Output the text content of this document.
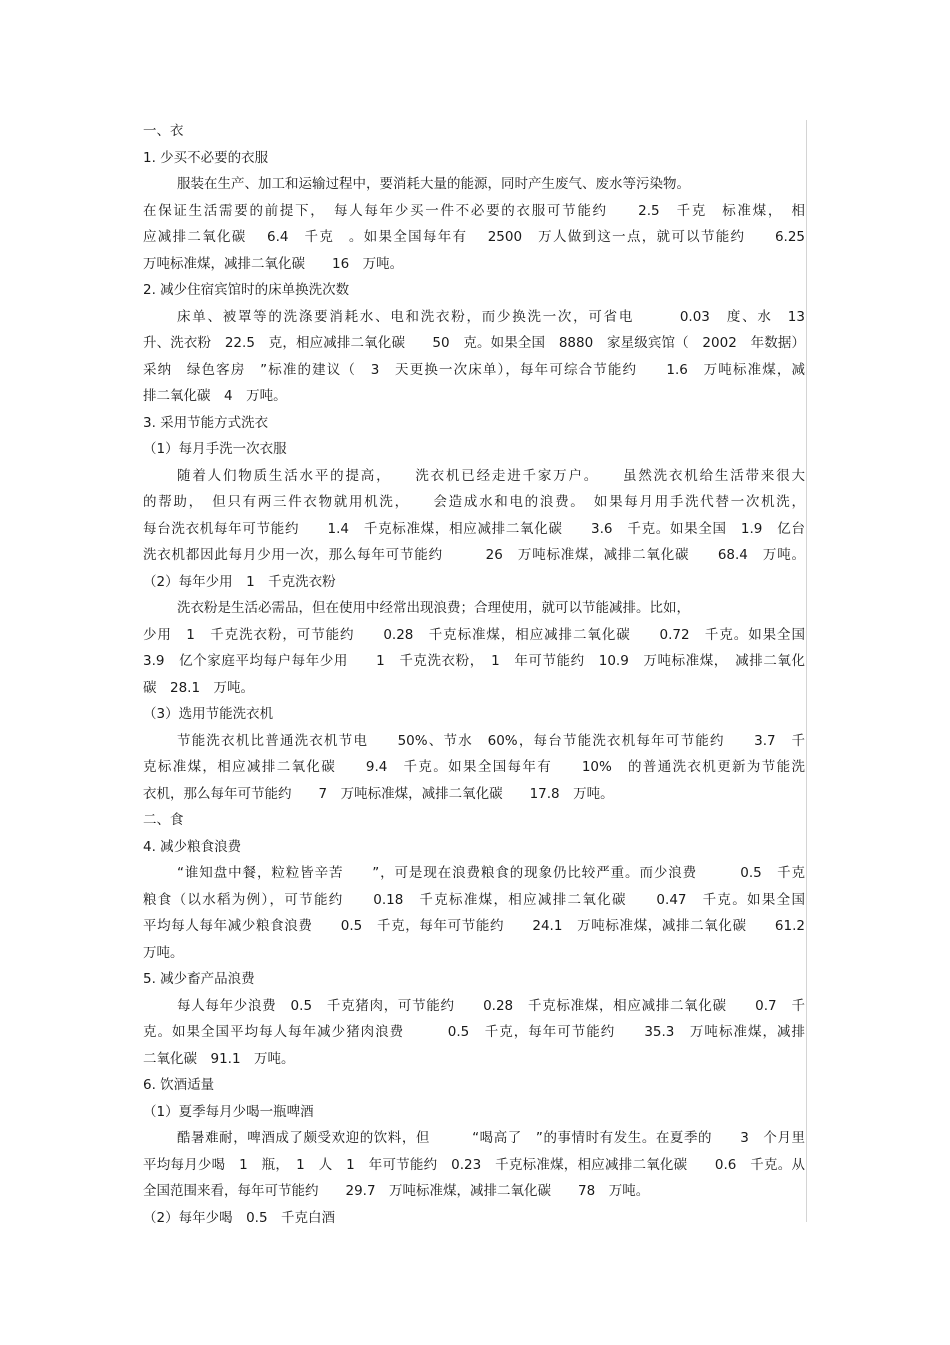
一、衣
1. 少买不必要的衣服
服装在生产、加工和运输过程中，要消耗大量的能源，同时产生废气、废水等污染物。
在保证生活需要的前提下，　每人每年少买一件不必要的衣服可节能约　　2.5　千克　标准煤，　相
应减排二氧化碳　 6.4　千克　。如果全国每年有　 2500　万人做到这一点，就可以节能约　　6.25
万吨标准煤，减排二氧化碳　　16　万吨。
2. 减少住宿宾馆时的床单换洗次数
床单、被罩等的洗涤要消耗水、电和洗衣粉，而少换洗一次，可省电　　　0.03　度、水　13
升、洗衣粉　22.5　克，相应减排二氧化碳　　50　克。如果全国　8880　家星级宾馆（　2002　年数据）
采纳　绿色客房　”标准的建议（　3　天更换一次床单），每年可综合节能约　　1.6　万吨标准煤，减
排二氧化碳　4　万吨。
3. 采用节能方式洗衣
（1）每月手洗一次衣服
随着人们物质生活水平的提高，　　洗衣机已经走进千家万户。　　虽然洗衣机给生活带来很大
的帮助，　但只有两三件衣物就用机洗，　　会造成水和电的浪费。　如果每月用手洗代替一次机洗，
每台洗衣机每年可节能约　　1.4　千克标准煤，相应减排二氧化碳　　3.6　千克。如果全国　1.9　亿台
洗衣机都因此每月少用一次，那么每年可节能约　　　26　万吨标准煤，减排二氧化碳　　68.4　万吨。
（2）每年少用　1　千克洗衣粉
洗衣粉是生活必需品，但在使用中经常出现浪费；合理使用，就可以节能减排。比如，
少用　1　千克洗衣粉，可节能约　　0.28　千克标准煤，相应减排二氧化碳　　0.72　千克。如果全国
3.9　亿个家庭平均每户每年少用　　1　千克洗衣粉，　1　年可节能约　10.9　万吨标准煤，　减排二氧化
碳　28.1　万吨。
（3）选用节能洗衣机
节能洗衣机比普通洗衣机节电　　50%、节水　60%，每台节能洗衣机每年可节能约　　3.7　千
克标准煤，相应减排二氧化碳　　9.4　千克。如果全国每年有　　10%　的普通洗衣机更新为节能洗
衣机，那么每年可节能约　　7　万吨标准煤，减排二氧化碳　　17.8　万吨。
二、食
4. 减少粮食浪费
“谁知盘中餐，粒粒皆辛苦　　”，可是现在浪费粮食的现象仍比较严重。而少浪费　　　0.5　千克
粮食（以水稻为例），可节能约　　0.18　千克标准煤，相应减排二氧化碳　　0.47　千克。如果全国
平均每人每年减少粮食浪费　　0.5　千克，每年可节能约　　24.1　万吨标准煤，减排二氧化碳　　61.2
万吨。
5. 减少畜产品浪费
每人每年少浪费　0.5　千克猪肉，可节能约　　0.28　千克标准煤，相应减排二氧化碳　　0.7　千
克。如果全国平均每人每年减少猪肉浪费　　　0.5　千克，每年可节能约　　35.3　万吨标准煤，减排
二氧化碳　91.1　万吨。
6. 饮酒适量
（1）夏季每月少喝一瓶啤酒
酷暑难耐，啤酒成了颇受欢迎的饮料，但　　　“喝高了　”的事情时有发生。在夏季的　　3　个月里
平均每月少喝　1　瓶，　1　人　1　年可节能约　0.23　千克标准煤，相应减排二氧化碳　　0.6　千克。从
全国范围来看，每年可节能约　　29.7　万吨标准煤，减排二氧化碳　　78　万吨。
（2）每年少喝　0.5　千克白酒
